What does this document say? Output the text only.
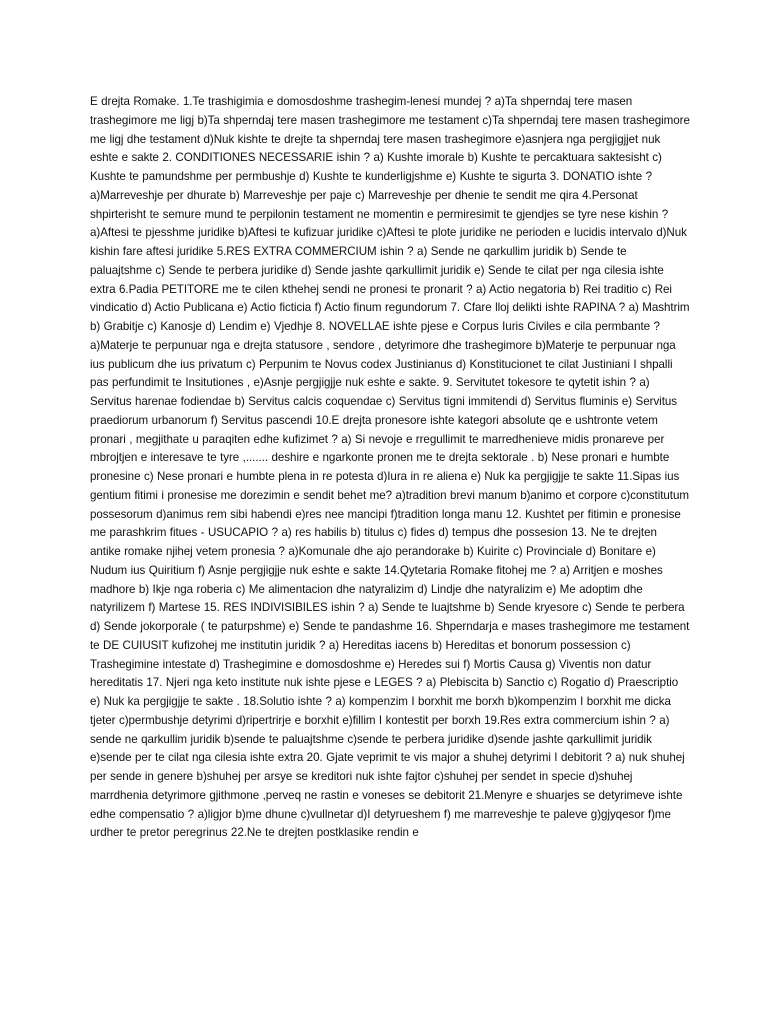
E drejta Romake. 1.Te trashigimia e domosdoshme trashegim-lenesi mundej ? a)Ta shperndaj tere masen trashegimore me ligj b)Ta shperndaj tere masen trashegimore me testament c)Ta shperndaj tere masen trashegimore me ligj dhe testament d)Nuk kishte te drejte ta shperndaj tere masen trashegimore e)asnjera nga pergjigjjet nuk eshte e sakte 2. CONDITIONES NECESSARIE ishin ? a) Kushte imorale b) Kushte te percaktuara saktesisht c) Kushte te pamundshme per permbushje d) Kushte te kunderligjshme e) Kushte te sigurta 3. DONATIO ishte ? a)Marreveshje per dhurate b) Marreveshje per paje c) Marreveshje per dhenie te sendit me qira 4.Personat shpirterisht te semure mund te perpilonin testament ne momentin e permiresimit te gjendjes se tyre nese kishin ? a)Aftesi te pjesshme juridike b)Aftesi te kufizuar juridike c)Aftesi te plote juridike ne perioden e lucidis intervalo d)Nuk kishin fare aftesi juridike 5.RES EXTRA COMMERCIUM ishin ? a) Sende ne qarkullim juridik b) Sende te paluajtshme c) Sende te perbera juridike d) Sende jashte qarkullimit juridik e) Sende te cilat per nga cilesia ishte extra 6.Padia PETITORE me te cilen kthehej sendi ne pronesi te pronarit ? a) Actio negatoria b) Rei traditio c) Rei vindicatio d) Actio Publicana e) Actio ficticia f) Actio finum regundorum 7. Cfare lloj delikti ishte RAPINA ? a) Mashtrim b) Grabitje c) Kanosje d) Lendim e) Vjedhje 8. NOVELLAE ishte pjese e Corpus Iuris Civiles e cila permbante ? a)Materje te perpunuar nga e drejta statusore , sendore , detyrimore dhe trashegimore b)Materje te perpunuar nga ius publicum dhe ius privatum c) Perpunim te Novus codex Justinianus d) Konstitucionet te cilat Justiniani I shpalli pas perfundimit te Insitutiones , e)Asnje pergjigjje nuk eshte e sakte. 9. Servitutet tokesore te qytetit ishin ? a) Servitus harenae fodiendae b) Servitus calcis coquendae c) Servitus tigni immitendi d) Servitus fluminis e) Servitus praediorum urbanorum f) Servitus pascendi 10.E drejta pronesore ishte kategori absolute qe e ushtronte vetem pronari , megjithate u paraqiten edhe kufizimet ? a) Si nevoje e rregullimit te marredhenieve midis pronareve per mbrojtjen e interesave te tyre ,....... deshire e ngarkonte pronen me te drejta sektorale . b) Nese pronari e humbte pronesine c) Nese pronari e humbte plena in re potesta d)Iura in re aliena e) Nuk ka pergjigjje te sakte 11.Sipas ius gentium fitimi i pronesise me dorezimin e sendit behet me? a)tradition brevi manum b)animo et corpore c)constitutum possesorum d)animus rem sibi habendi e)res nee mancipi f)tradition longa manu 12. Kushtet per fitimin e pronesise me parashkrim fitues - USUCAPIO ? a) res habilis b) titulus c) fides d) tempus dhe possesion 13. Ne te drejten antike romake njihej vetem pronesia ? a)Komunale dhe ajo perandorake b) Kuirite c) Provinciale d) Bonitare e) Nudum ius Quiritium f) Asnje pergjigjje nuk eshte e sakte 14.Qytetaria Romake fitohej me ? a) Arritjen e moshes madhore b) Ikje nga roberia c) Me alimentacion dhe natyralizim d) Lindje dhe natyralizim e) Me adoptim dhe natyrilizem f) Martese 15. RES INDIVISIBILES ishin ? a) Sende te luajtshme b) Sende kryesore c) Sende te perbera d) Sende jokorporale ( te paturpshme) e) Sende te pandashme 16. Shperndarja e mases trashegimore me testament te DE CUIUSIT kufizohej me institutin juridik ? a) Hereditas iacens b) Hereditas et bonorum possession c) Trashegimine intestate d) Trashegimine e domosdoshme e) Heredes sui f) Mortis Causa g) Viventis non datur hereditatis 17. Njeri nga keto institute nuk ishte pjese e LEGES ? a) Plebiscita b) Sanctio c) Rogatio d) Praescriptio e) Nuk ka pergjigjje te sakte . 18.Solutio ishte ? a) kompenzim I borxhit me borxh b)kompenzim I borxhit me dicka tjeter c)permbushje detyrimi d)ripertrirje e borxhit e)fillim I kontestit per borxh 19.Res extra commercium ishin ? a) sende ne qarkullim juridik b)sende te paluajtshme c)sende te perbera juridike d)sende jashte qarkullimit juridik e)sende per te cilat nga cilesia ishte extra 20. Gjate veprimit te vis major a shuhej detyrimi I debitorit ? a) nuk shuhej per sende in genere b)shuhej per arsye se kreditori nuk ishte fajtor c)shuhej per sendet in specie d)shuhej marrdhenia detyrimore gjithmone ,perveq ne rastin e voneses se debitorit 21.Menyre e shuarjes se detyrimeve ishte edhe compensatio ? a)ligjor b)me dhune c)vullnetar d)I detyrueshem f) me marreveshje te paleve g)gjyqesor f)me urdher te pretor peregrinus 22.Ne te drejten postklasike rendin e
